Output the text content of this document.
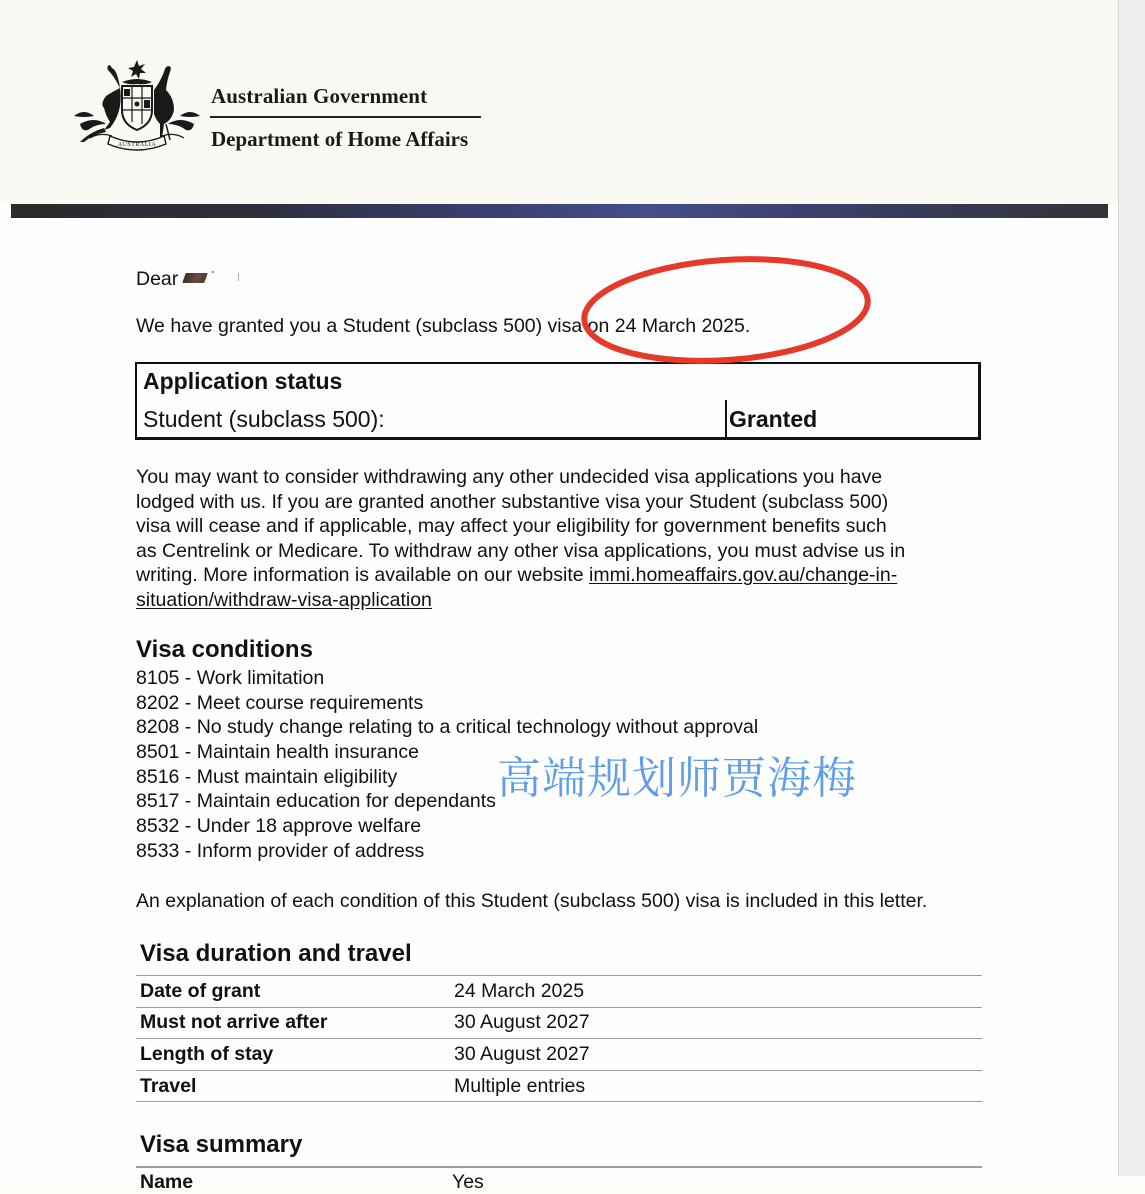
AUSTRALIA
Australian Government
Department of Home Affairs
Dear
We have granted you a Student (subclass 500) visa on 24 March 2025.
Application status
Student (subclass 500):	Granted
You may want to consider withdrawing any other undecided visa applications you have
lodged with us. If you are granted another substantive visa your Student (subclass 500)
visa will cease and if applicable, may affect your eligibility for government benefits such
as Centrelink or Medicare. To withdraw any other visa applications, you must advise us in
writing. More information is available on our website immi.homeaffairs.gov.au/change-in-
situation/withdraw-visa-application
Visa conditions
8105 - Work limitation
8202 - Meet course requirements
8208 - No study change relating to a critical technology without approval
8501 - Maintain health insurance
8516 - Must maintain eligibility
8517 - Maintain education for dependants
8532 - Under 18 approve welfare
8533 - Inform provider of address
高端规划师贾海梅
An explanation of each condition of this Student (subclass 500) visa is included in this letter.
Visa duration and travel
Date of grant	24 March 2025
Must not arrive after	30 August 2027
Length of stay	30 August 2027
Travel	Multiple entries
Visa summary
Name	Yes
